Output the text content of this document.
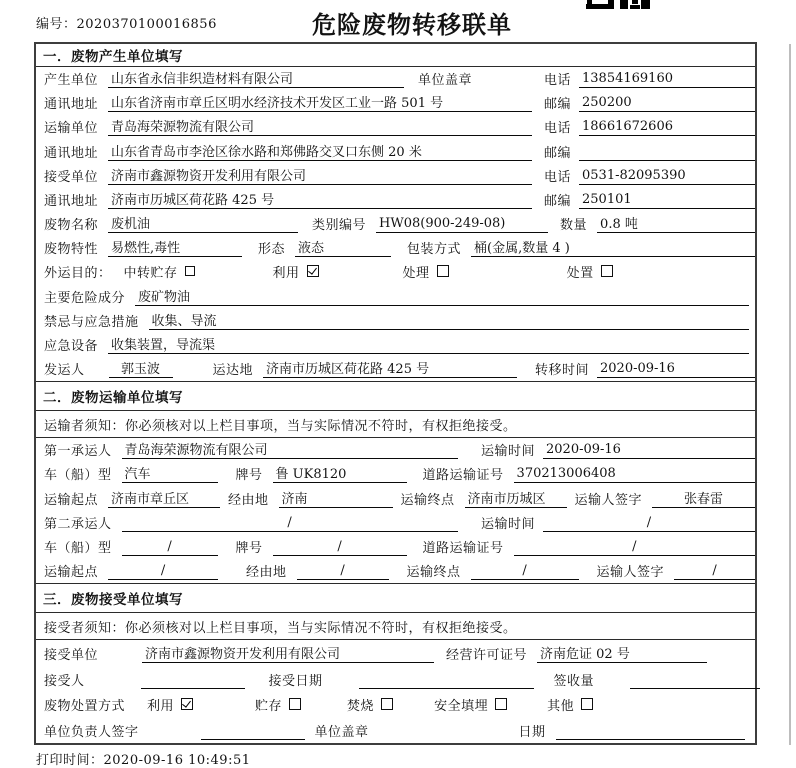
编号：2020370100016856	危险废物转移联单
一．废物产生单位填写
产生单位 山东省永信非织造材料有限公司	单位盖章	电话 13854169160
通讯地址 山东省济南市章丘区明水经济技术开发区工业一路 501 号	邮编 250200
运输单位 青岛海荣源物流有限公司	电话 18661672606
通讯地址 山东省青岛市李沧区徐水路和郑佛路交叉口东侧 20 米	邮编
接受单位 济南市鑫源物资开发利用有限公司	电话 0531-82095390
通讯地址 济南市历城区荷花路 425 号	邮编 250101
废物名称 废机油	类别编号 HW08(900-249-08)	数量 0.8 吨
废物特性 易燃性,毒性	形态 液态	包装方式 桶(金属,数量 4 )
外运目的： 中转贮存	利用	处理	处置
主要危险成分 废矿物油
禁忌与应急措施 收集、导流
应急设备 收集装置，导流渠
发运人	郭玉波	运达地 济南市历城区荷花路 425 号	转移时间 2020-09-16
二．废物运输单位填写
运输者须知：你必须核对以上栏目事项，当与实际情况不符时，有权拒绝接受。
第一承运人 青岛海荣源物流有限公司	运输时间 2020-09-16
车（船）型 汽车	牌号 鲁 UK8120	道路运输证号 370213006408
运输起点 济南市章丘区	经由地 济南	运输终点 济南市历城区	运输人签字	张春雷
第二承运人	/	运输时间	/
车（船）型	/	牌号	/	道路运输证号	/
运输起点	/	经由地	/	运输终点	/	运输人签字	/
三．废物接受单位填写
接受者须知：你必须核对以上栏目事项，当与实际情况不符时，有权拒绝接受。
接受单位	济南市鑫源物资开发利用有限公司	经营许可证号 济南危证 02 号
接受人	接受日期	签收量
废物处置方式 利用	贮存	焚烧	安全填埋	其他
单位负责人签字	单位盖章	日期
打印时间：2020-09-16 10:49:51
